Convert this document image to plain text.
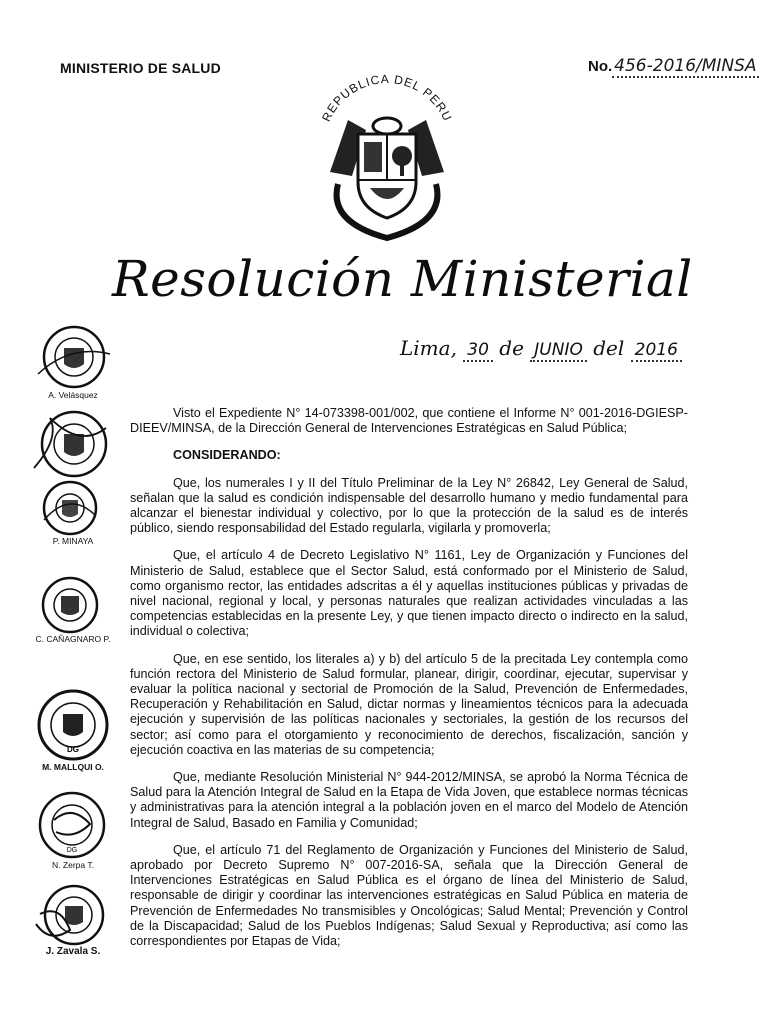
MINISTERIO DE SALUD	No. 456-2016/MINSA
REPUBLICA DEL PERU
Resolución Ministerial
Lima, 30 de JUNIO del 2016

Visto el Expediente N° 14-073398-001/002, que contiene el Informe N° 001-2016-DGIESP-DIEEV/MINSA, de la Dirección General de Intervenciones Estratégicas en Salud Pública;

CONSIDERANDO:

Que, los numerales I y II del Título Preliminar de la Ley N° 26842, Ley General de Salud, señalan que la salud es condición indispensable del desarrollo humano y medio fundamental para alcanzar el bienestar individual y colectivo, por lo que la protección de la salud es de interés público, siendo responsabilidad del Estado regularla, vigilarla y promoverla;

Que, el artículo 4 de Decreto Legislativo N° 1161, Ley de Organización y Funciones del Ministerio de Salud, establece que el Sector Salud, está conformado por el Ministerio de Salud, como organismo rector, las entidades adscritas a él y aquellas instituciones públicas y privadas de nivel nacional, regional y local, y personas naturales que realizan actividades vinculadas a las competencias establecidas en la presente Ley, y que tienen impacto directo o indirecto en la salud, individual o colectiva;

Que, en ese sentido, los literales a) y b) del artículo 5 de la precitada Ley contempla como función rectora del Ministerio de Salud formular, planear, dirigir, coordinar, ejecutar, supervisar y evaluar la política nacional y sectorial de Promoción de la Salud, Prevención de Enfermedades, Recuperación y Rehabilitación en Salud, dictar normas y lineamientos técnicos para la adecuada ejecución y supervisión de las políticas nacionales y sectoriales, la gestión de los recursos del sector; así como para el otorgamiento y reconocimiento de derechos, fiscalización, sanción y ejecución coactiva en las materias de su competencia;

Que, mediante Resolución Ministerial N° 944-2012/MINSA, se aprobó la Norma Técnica de Salud para la Atención Integral de Salud en la Etapa de Vida Joven, que establece normas técnicas y administrativas para la atención integral a la población joven en el marco del Modelo de Atención Integral de Salud, Basado en Familia y Comunidad;

Que, el artículo 71 del Reglamento de Organización y Funciones del Ministerio de Salud, aprobado por Decreto Supremo N° 007-2016-SA, señala que la Dirección General de Intervenciones Estratégicas en Salud Pública es el órgano de línea del Ministerio de Salud, responsable de dirigir y coordinar las intervenciones estratégicas en Salud Pública en materia de Prevención de Enfermedades No transmisibles y Oncológicas; Salud Mental; Prevención y Control de la Discapacidad; Salud de los Pueblos Indígenas; Salud Sexual y Reproductiva; así como las correspondientes por Etapas de Vida;

A. Velásquez
P. MINAYA
C. CAÑAGNARO P.
DG
M. MALLQUI O.
DG
N. Zerpa T.
J. Zavala S.
